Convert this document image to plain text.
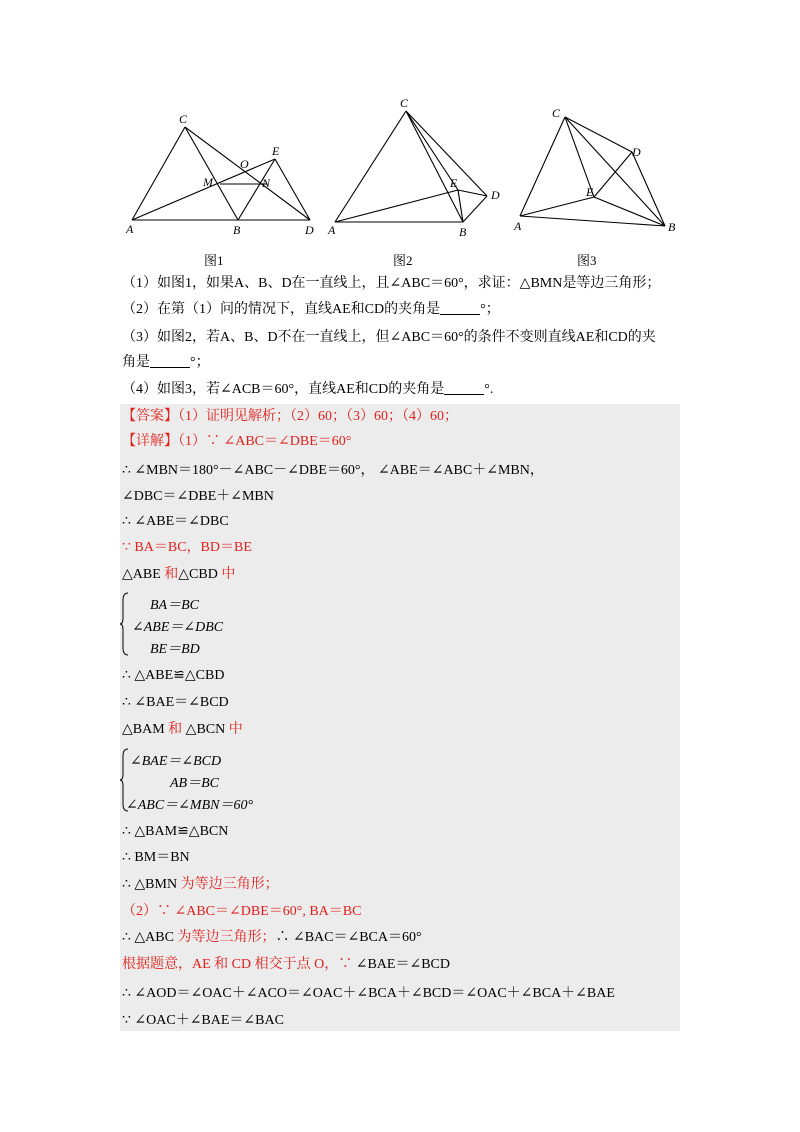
A	B
C
D
E
M	N
O
图1
A	B
C
D
E
图2
A	B
C
D
E
图3
（1）如图1，如果A、B、D在一直线上，且∠ABC＝60°，求证：△BMN是等边三角形；
（2）在第（1）问的情况下，直线AE和CD的夹角是	°；
（3）如图2，若A、B、D不在一直线上，但∠ABC＝60°的条件不变则直线AE和CD的夹
角是	°；
（4）如图3，若∠ACB＝60°，直线AE和CD的夹角是	°.
【答案】（1）证明见解析；（2）60；（3）60；（4）60；
【详解】（1）∵ ∠ABC＝∠DBE＝60°
∴ ∠MBN＝180°－∠ABC－∠DBE＝60°， ∠ABE＝∠ABC＋∠MBN，
∠DBC＝∠DBE＋∠MBN
∴ ∠ABE＝∠DBC
∵ BA＝BC，BD＝BE
△ABE 和△CBD 中
BA＝BC
∠ABE＝∠DBC
BE＝BD
∴ △ABE≌△CBD
∴ ∠BAE＝∠BCD
△BAM 和 △BCN 中
∠BAE＝∠BCD
AB＝BC
∠ABC＝∠MBN＝60°
∴ △BAM≌△BCN
∴ BM＝BN
∴ △BMN 为等边三角形；
（2）∵ ∠ABC＝∠DBE＝60°, BA＝BC
∴ △ABC 为等边三角形；∴ ∠BAC＝∠BCA＝60°
根据题意，AE 和 CD 相交于点 O，∵ ∠BAE＝∠BCD
∴ ∠AOD＝∠OAC＋∠ACO＝∠OAC＋∠BCA＋∠BCD＝∠OAC＋∠BCA＋∠BAE
∵ ∠OAC＋∠BAE＝∠BAC
